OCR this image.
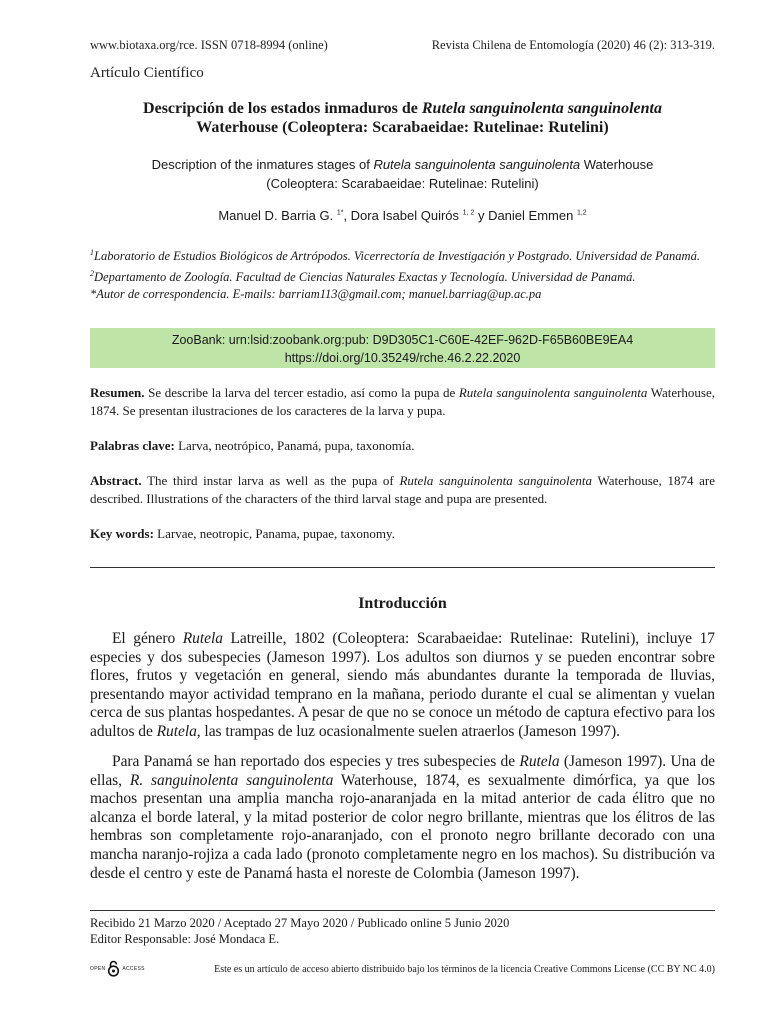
www.biotaxa.org/rce. ISSN 0718-8994 (online)	Revista Chilena de Entomología (2020) 46 (2): 313-319.
Artículo Científico
Descripción de los estados inmaduros de Rutela sanguinolenta sanguinolenta
Waterhouse (Coleoptera: Scarabaeidae: Rutelinae: Rutelini)
Description of the inmatures stages of Rutela sanguinolenta sanguinolenta Waterhouse
(Coleoptera: Scarabaeidae: Rutelinae: Rutelini)
Manuel D. Barria G. $^{1*}$, Dora Isabel Quirós $^{1, 2}$ y Daniel Emmen $^{1,2}$

$^1$Laboratorio de Estudios Biológicos de Artrópodos. Vicerrectoría de Investigación y Postgrado. Universidad de Panamá.

$^2$Departamento de Zoología. Facultad de Ciencias Naturales Exactas y Tecnología. Universidad de Panamá.

*Autor de correspondencia. E-mails: barriam113@gmail.com; manuel.barriag@up.ac.pa

ZooBank: urn:lsid:zoobank.org:pub: D9D305C1-C60E-42EF-962D-F65B60BE9EA4
https://doi.org/10.35249/rche.46.2.22.2020

Resumen. Se describe la larva del tercer estadio, así como la pupa de Rutela sanguinolenta sanguinolenta Waterhouse, 1874. Se presentan ilustraciones de los caracteres de la larva y pupa.

Palabras clave: Larva, neotrópico, Panamá, pupa, taxonomía.

Abstract. The third instar larva as well as the pupa of Rutela sanguinolenta sanguinolenta Waterhouse, 1874 are described. Illustrations of the characters of the third larval stage and pupa are presented.

Key words: Larvae, neotropic, Panama, pupae, taxonomy.

Introducción

El género Rutela Latreille, 1802 (Coleoptera: Scarabaeidae: Rutelinae: Rutelini), incluye 17 especies y dos subespecies (Jameson 1997). Los adultos son diurnos y se pueden encontrar sobre flores, frutos y vegetación en general, siendo más abundantes durante la temporada de lluvias, presentando mayor actividad temprano en la mañana, periodo durante el cual se alimentan y vuelan cerca de sus plantas hospedantes. A pesar de que no se conoce un método de captura efectivo para los adultos de Rutela, las trampas de luz ocasionalmente suelen atraerlos (Jameson 1997).

Para Panamá se han reportado dos especies y tres subespecies de Rutela (Jameson 1997). Una de ellas, R. sanguinolenta sanguinolenta Waterhouse, 1874, es sexualmente dimórfica, ya que los machos presentan una amplia mancha rojo-anaranjada en la mitad anterior de cada élitro que no alcanza el borde lateral, y la mitad posterior de color negro brillante, mientras que los élitros de las hembras son completamente rojo-anaranjado, con el pronoto negro brillante decorado con una mancha naranjo-rojiza a cada lado (pronoto completamente negro en los machos). Su distribución va desde el centro y este de Panamá hasta el noreste de Colombia (Jameson 1997).

Recibido 21 Marzo 2020 / Aceptado 27 Mayo 2020 / Publicado online 5 Junio 2020

Editor Responsable: José Mondaca E.

OPEN	ACCESS	Este es un artículo de acceso abierto distribuido bajo los términos de la licencia Creative Commons License (CC BY NC 4.0)
